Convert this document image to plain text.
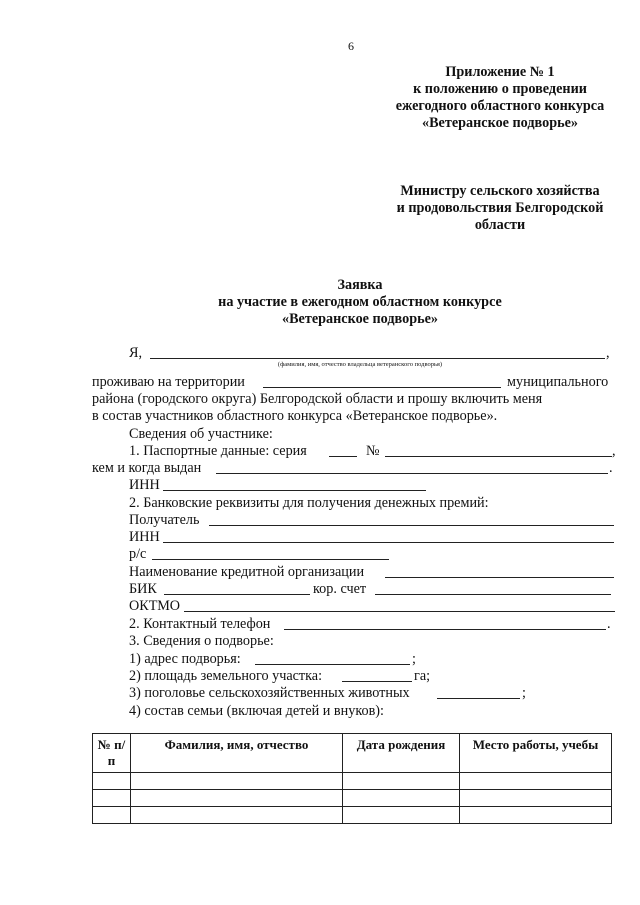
6
Приложение № 1
к положению о проведении
ежегодного областного конкурса
«Ветеранское подворье»
Министру сельского хозяйства
и продовольствия Белгородской
области
Заявка
на участие в ежегодном областном конкурсе
«Ветеранское подворье»
Я,	,
(фамилия, имя, отчество владельца ветеранского подворья)
проживаю на территории	муниципального
района (городского округа) Белгородской области и прошу включить меня
в состав участников областного конкурса «Ветеранское подворье».
Сведения об участнике:
1. Паспортные данные: серия	№	,
кем и когда выдан	.
ИНН
2. Банковские реквизиты для получения денежных премий:
Получатель
ИНН
р/с
Наименование кредитной организации
БИК	кор. счет
ОКТМО
2. Контактный телефон	.
3. Сведения о подворье:
1) адрес подворья:	;
2) площадь земельного участка:	га;
3) поголовье сельскохозяйственных животных	;
4) состав семьи (включая детей и внуков):
№ п/п	Фамилия, имя, отчество	Дата рождения	Место работы, учебы
